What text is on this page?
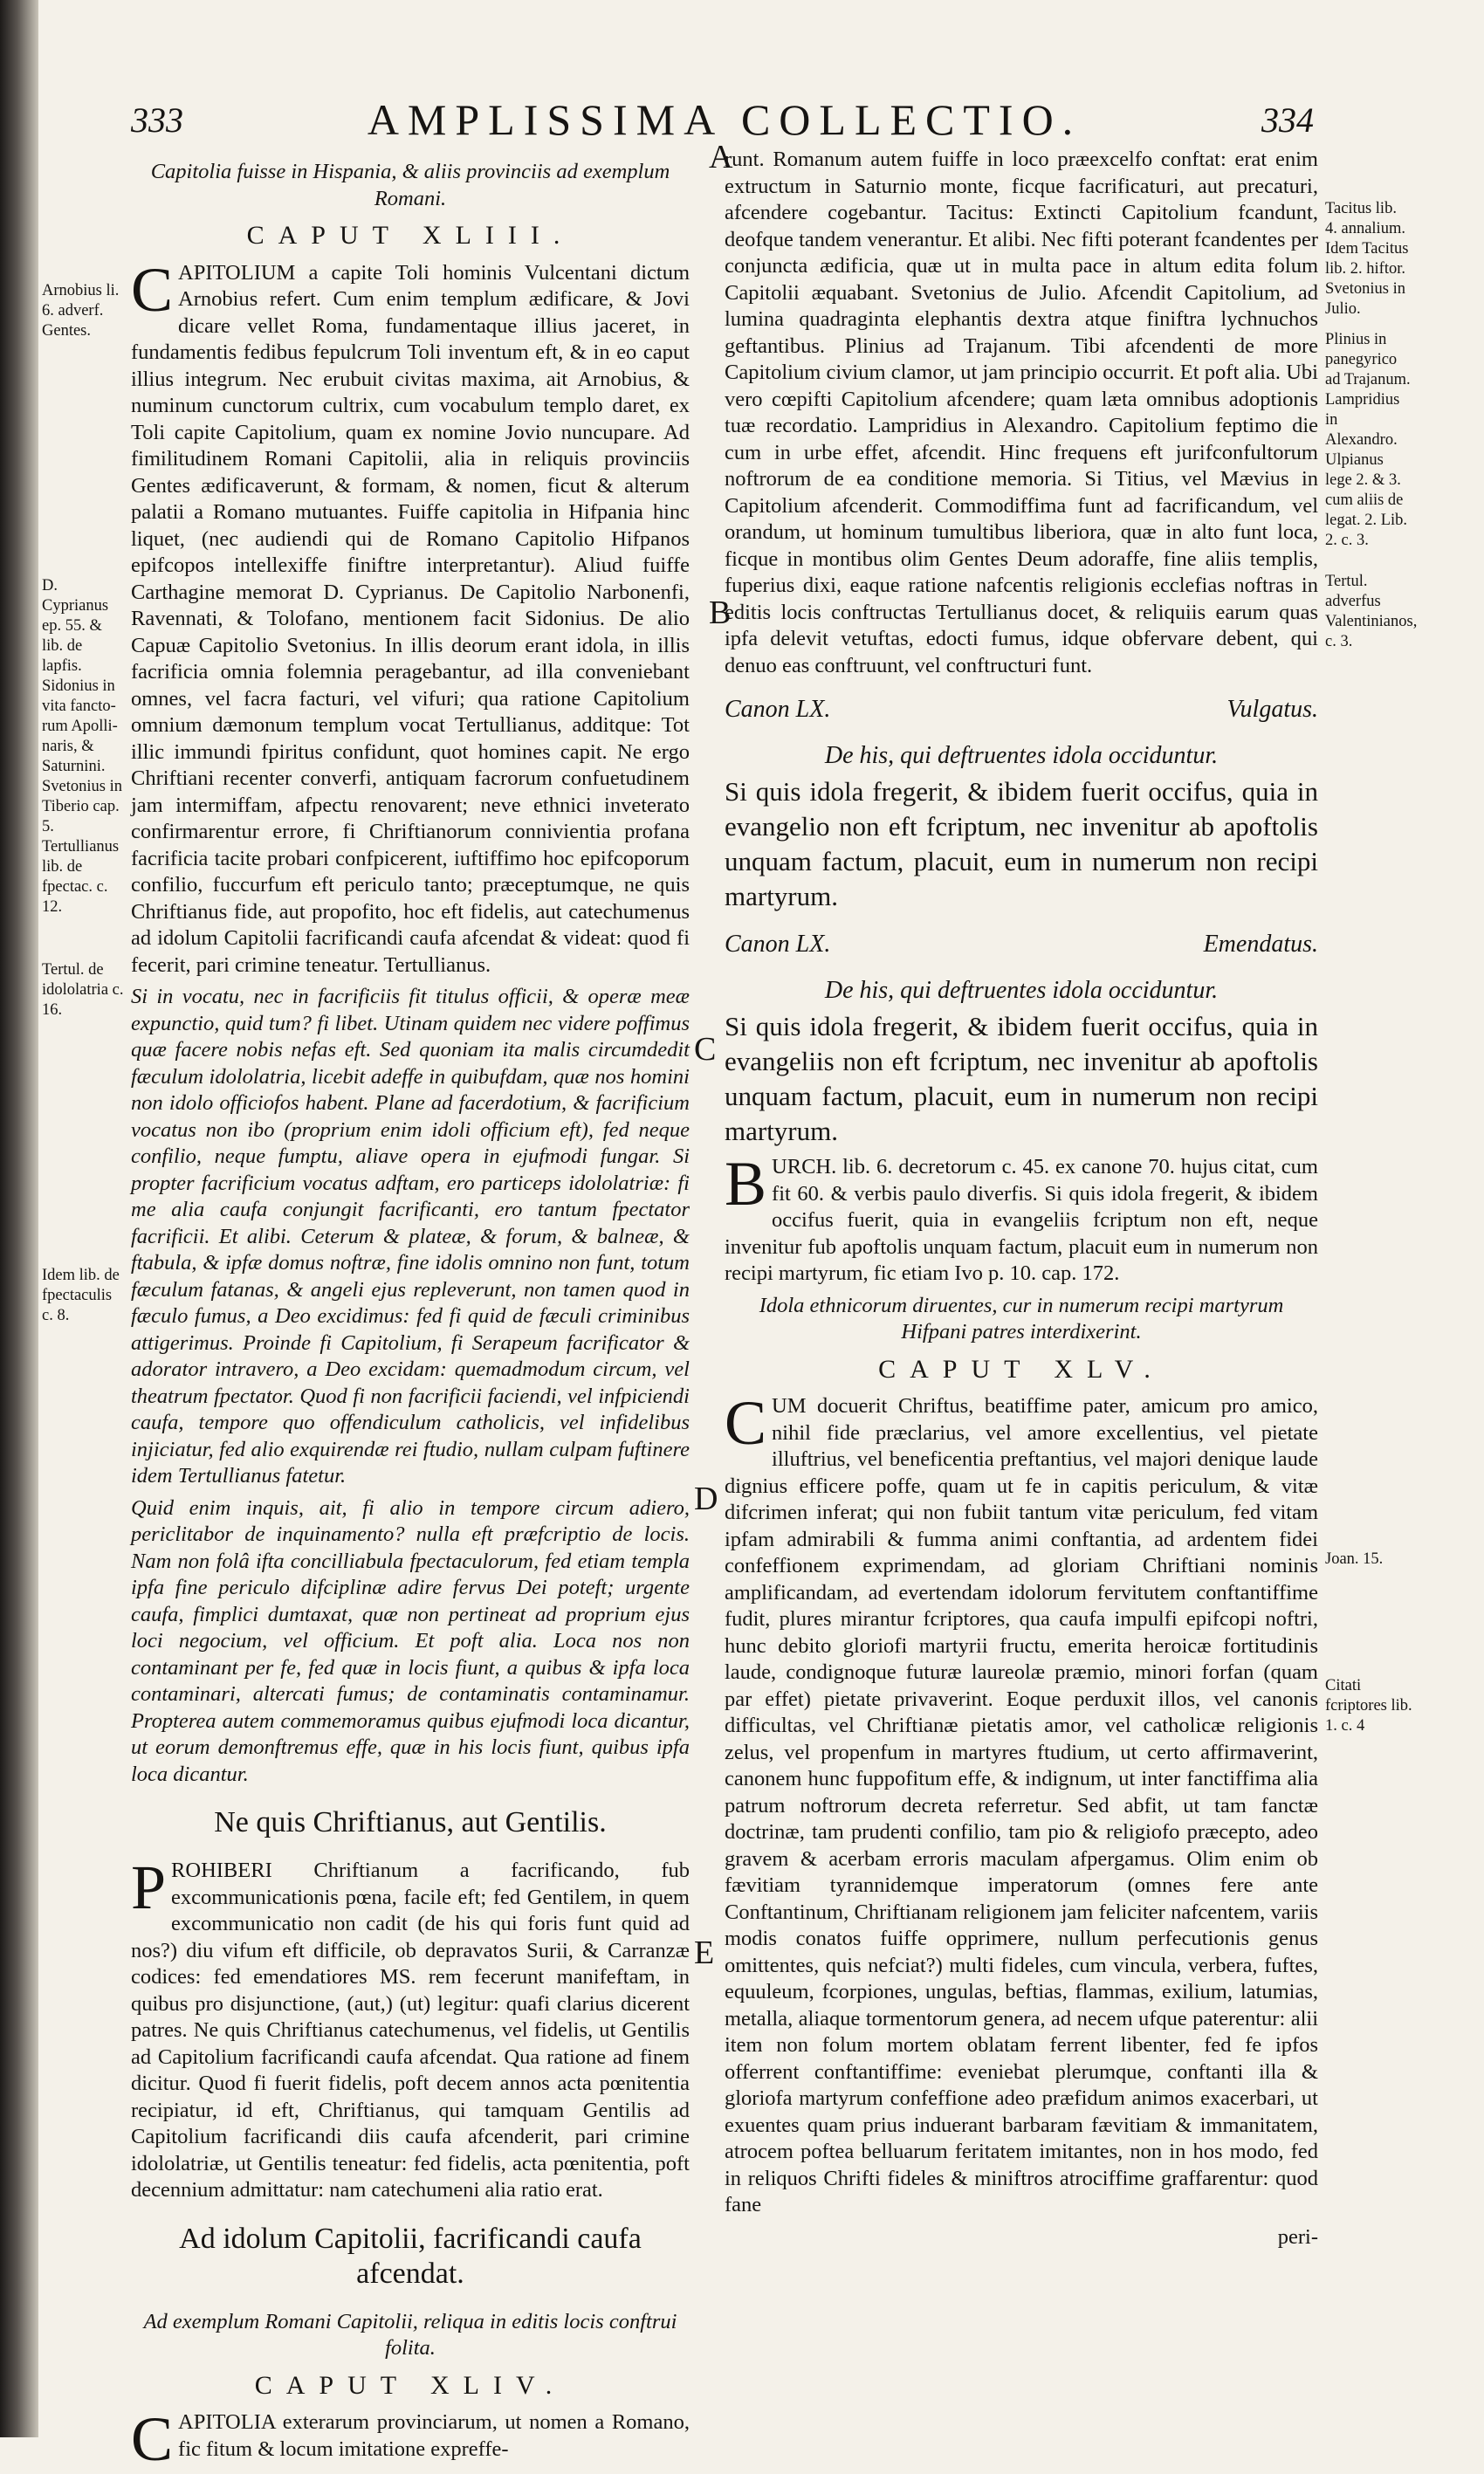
333	AMPLISSIMA COLLECTIO.	334
A
B
C
D
E
Arnobius li. 6. adverf. Gentes.
D. Cyprianus ep. 55. & lib. de lapfis. Sidonius in vita fancto-rum Apolli-naris, & Saturnini. Svetonius in Tiberio cap. 5. Tertullianus lib. de fpectac. c. 12.
Tertul. de idololatria c. 16.
Idem lib. de fpectaculis c. 8.

Capitolia fuisse in Hispania, & aliis provinciis ad exemplum Romani.

CAPUT XLIII.

CAPITOLIUM a capite Toli hominis Vulcentani dictum Arnobius refert. Cum enim templum ædificare, & Jovi dicare vellet Roma, fundamentaque illius jaceret, in fundamentis fedibus fepulcrum Toli inventum eft, & in eo caput illius integrum. Nec erubuit civitas maxima, ait Arnobius, & numinum cunctorum cultrix, cum vocabulum templo daret, ex Toli capite Capitolium, quam ex nomine Jovio nuncupare. Ad fimilitudinem Romani Capitolii, alia in reliquis provinciis Gentes ædificaverunt, & formam, & nomen, ficut & alterum palatii a Romano mutuantes. Fuiffe capitolia in Hifpania hinc liquet, (nec audiendi qui de Romano Capitolio Hifpanos epifcopos intellexiffe finiftre interpretantur). Aliud fuiffe Carthagine memorat D. Cyprianus. De Capitolio Narbonenfi, Ravennati, & Tolofano, mentionem facit Sidonius. De alio Capuæ Capitolio Svetonius. In illis deorum erant idola, in illis facrificia omnia folemnia peragebantur, ad illa conveniebant omnes, vel facra facturi, vel vifuri; qua ratione Capitolium omnium dæmonum templum vocat Tertullianus, additque: Tot illic immundi fpiritus confidunt, quot homines capit. Ne ergo Chriftiani recenter converfi, antiquam facrorum confuetudinem jam intermiffam, afpectu renovarent; neve ethnici inveterato confirmarentur errore, fi Chriftianorum connivientia profana facrificia tacite probari confpicerent, iuftiffimo hoc epifcoporum confilio, fuccurfum eft periculo tanto; præceptumque, ne quis Chriftianus fide, aut propofito, hoc eft fidelis, aut catechumenus ad idolum Capitolii facrificandi caufa afcendat & videat: quod fi fecerit, pari crimine teneatur. Tertullianus.

Si in vocatu, nec in facrificiis fit titulus officii, & operæ meæ expunctio, quid tum? fi libet. Utinam quidem nec videre poffimus quæ facere nobis nefas eft. Sed quoniam ita malis circumdedit fæculum idololatria, licebit adeffe in quibufdam, quæ nos homini non idolo officiofos habent. Plane ad facerdotium, & facrificium vocatus non ibo (proprium enim idoli officium eft), fed neque confilio, neque fumptu, aliave opera in ejufmodi fungar. Si propter facrificium vocatus adftam, ero particeps idololatriæ: fi me alia caufa conjungit facrificanti, ero tantum fpectator facrificii. Et alibi. Ceterum & plateæ, & forum, & balneæ, & ftabula, & ipfæ domus noftræ, fine idolis omnino non funt, totum fæculum fatanas, & angeli ejus repleverunt, non tamen quod in fæculo fumus, a Deo excidimus: fed fi quid de fæculi criminibus attigerimus. Proinde fi Capitolium, fi Serapeum facrificator & adorator intravero, a Deo excidam: quemadmodum circum, vel theatrum fpectator. Quod fi non facrificii faciendi, vel infpiciendi caufa, tempore quo offendiculum catholicis, vel infidelibus injiciatur, fed alio exquirendæ rei ftudio, nullam culpam fuftinere idem Tertullianus fatetur.

Quid enim inquis, ait, fi alio in tempore circum adiero, periclitabor de inquinamento? nulla eft præfcriptio de locis. Nam non folâ ifta concilliabula fpectaculorum, fed etiam templa ipfa fine periculo difciplinæ adire fervus Dei poteft; urgente caufa, fimplici dumtaxat, quæ non pertineat ad proprium ejus loci negocium, vel officium. Et poft alia. Loca nos non contaminant per fe, fed quæ in locis fiunt, a quibus & ipfa loca contaminari, altercati fumus; de contaminatis contaminamur. Propterea autem commemoramus quibus ejufmodi loca dicantur, ut eorum demonftremus effe, quæ in his locis fiunt, quibus ipfa loca dicantur.

Ne quis Chriftianus, aut Gentilis.

PROHIBERI Chriftianum a facrificando, fub excommunicationis pœna, facile eft; fed Gentilem, in quem excommunicatio non cadit (de his qui foris funt quid ad nos?) diu vifum eft difficile, ob depravatos Surii, & Carranzæ codices: fed emendatiores MS. rem fecerunt manifeftam, in quibus pro disjunctione, (aut,) (ut) legitur: quafi clarius dicerent patres. Ne quis Chriftianus catechumenus, vel fidelis, ut Gentilis ad Capitolium facrificandi caufa afcendat. Qua ratione ad finem dicitur. Quod fi fuerit fidelis, poft decem annos acta pœnitentia recipiatur, id eft, Chriftianus, qui tamquam Gentilis ad Capitolium facrificandi diis caufa afcenderit, pari crimine idololatriæ, ut Gentilis teneatur: fed fidelis, acta pœnitentia, poft decennium admittatur: nam catechumeni alia ratio erat.

Ad idolum Capitolii, facrificandi caufa afcendat.

Ad exemplum Romani Capitolii, reliqua in editis locis conftrui folita.

CAPUT XLIV.

CAPITOLIA exterarum provinciarum, ut nomen a Romano, fic fitum & locum imitatione expreffe-

runt. Romanum autem fuiffe in loco præexcelfo conftat: erat enim extructum in Saturnio monte, ficque facrificaturi, aut precaturi, afcendere cogebantur. Tacitus: Extincti Capitolium fcandunt, deofque tandem venerantur. Et alibi. Nec fifti poterant fcandentes per conjuncta ædificia, quæ ut in multa pace in altum edita folum Capitolii æquabant. Svetonius de Julio. Afcendit Capitolium, ad lumina quadraginta elephantis dextra atque finiftra lychnuchos geftantibus. Plinius ad Trajanum. Tibi afcendenti de more Capitolium civium clamor, ut jam principio occurrit. Et poft alia. Ubi vero cœpifti Capitolium afcendere; quam læta omnibus adoptionis tuæ recordatio. Lampridius in Alexandro. Capitolium feptimo die cum in urbe effet, afcendit. Hinc frequens eft jurifconfultorum noftrorum de ea conditione memoria. Si Titius, vel Mævius in Capitolium afcenderit. Commodiffima funt ad facrificandum, vel orandum, ut hominum tumultibus liberiora, quæ in alto funt loca, ficque in montibus olim Gentes Deum adoraffe, fine aliis templis, fuperius dixi, eaque ratione nafcentis religionis ecclefias noftras in editis locis conftructas Tertullianus docet, & reliquiis earum quas ipfa delevit vetuftas, edocti fumus, idque obfervare debent, qui denuo eas conftruunt, vel conftructuri funt.

Canon LX.	Vulgatus.

De his, qui deftruentes idola occiduntur.

Si quis idola fregerit, & ibidem fuerit occifus, quia in evangelio non eft fcriptum, nec invenitur ab apoftolis unquam factum, placuit, eum in numerum non recipi martyrum.

Canon LX.	Emendatus.

De his, qui deftruentes idola occiduntur.

Si quis idola fregerit, & ibidem fuerit occifus, quia in evangeliis non eft fcriptum, nec invenitur ab apoftolis unquam factum, placuit, eum in numerum non recipi martyrum.

BURCH. lib. 6. decretorum c. 45. ex canone 70. hujus citat, cum fit 60. & verbis paulo diverfis. Si quis idola fregerit, & ibidem occifus fuerit, quia in evangeliis fcriptum non eft, neque invenitur fub apoftolis unquam factum, placuit eum in numerum non recipi martyrum, fic etiam Ivo p. 10. cap. 172.

Idola ethnicorum diruentes, cur in numerum recipi martyrum Hifpani patres interdixerint.

CAPUT XLV.

CUM docuerit Chriftus, beatiffime pater, amicum pro amico, nihil fide præclarius, vel amore excellentius, vel pietate illuftrius, vel beneficentia preftantius, vel majori denique laude dignius efficere poffe, quam ut fe in capitis periculum, & vitæ difcrimen inferat; qui non fubiit tantum vitæ periculum, fed vitam ipfam admirabili & fumma animi conftantia, ad ardentem fidei confeffionem exprimendam, ad gloriam Chriftiani nominis amplificandam, ad evertendam idolorum fervitutem conftantiffime fudit, plures mirantur fcriptores, qua caufa impulfi epifcopi noftri, hunc debito gloriofi martyrii fructu, emerita heroicæ fortitudinis laude, condignoque futuræ laureolæ præmio, minori forfan (quam par effet) pietate privaverint. Eoque perduxit illos, vel canonis difficultas, vel Chriftianæ pietatis amor, vel catholicæ religionis zelus, vel propenfum in martyres ftudium, ut certo affirmaverint, canonem hunc fuppofitum effe, & indignum, ut inter fanctiffima alia patrum noftrorum decreta referretur. Sed abfit, ut tam fanctæ doctrinæ, tam prudenti confilio, tam pio & religiofo præcepto, adeo gravem & acerbam erroris maculam afpergamus. Olim enim ob fævitiam tyrannidemque imperatorum (omnes fere ante Conftantinum, Chriftianam religionem jam feliciter nafcentem, variis modis conatos fuiffe opprimere, nullum perfecutionis genus omittentes, quis nefciat?) multi fideles, cum vincula, verbera, fuftes, equuleum, fcorpiones, ungulas, beftias, flammas, exilium, latumias, metalla, aliaque tormentorum genera, ad necem ufque paterentur: alii item non folum mortem oblatam ferrent libenter, fed fe ipfos offerrent conftantiffime: eveniebat plerumque, conftanti illa & gloriofa martyrum confeffione adeo præfidum animos exacerbari, ut exuentes quam prius induerant barbaram fævitiam & immanitatem, atrocem poftea belluarum feritatem imitantes, non in hos modo, fed in reliquos Chrifti fideles & miniftros atrociffime graffarentur: quod fane

peri-

Tacitus lib. 4. annalium. Idem Tacitus lib. 2. hiftor. Svetonius in Julio.
Plinius in panegyrico ad Trajanum. Lampridius in Alexandro. Ulpianus lege 2. & 3. cum aliis de legat. 2. Lib. 2. c. 3.
Tertul. adverfus Valentinianos, c. 3.
Joan. 15.
Citati fcriptores lib. 1. c. 4
